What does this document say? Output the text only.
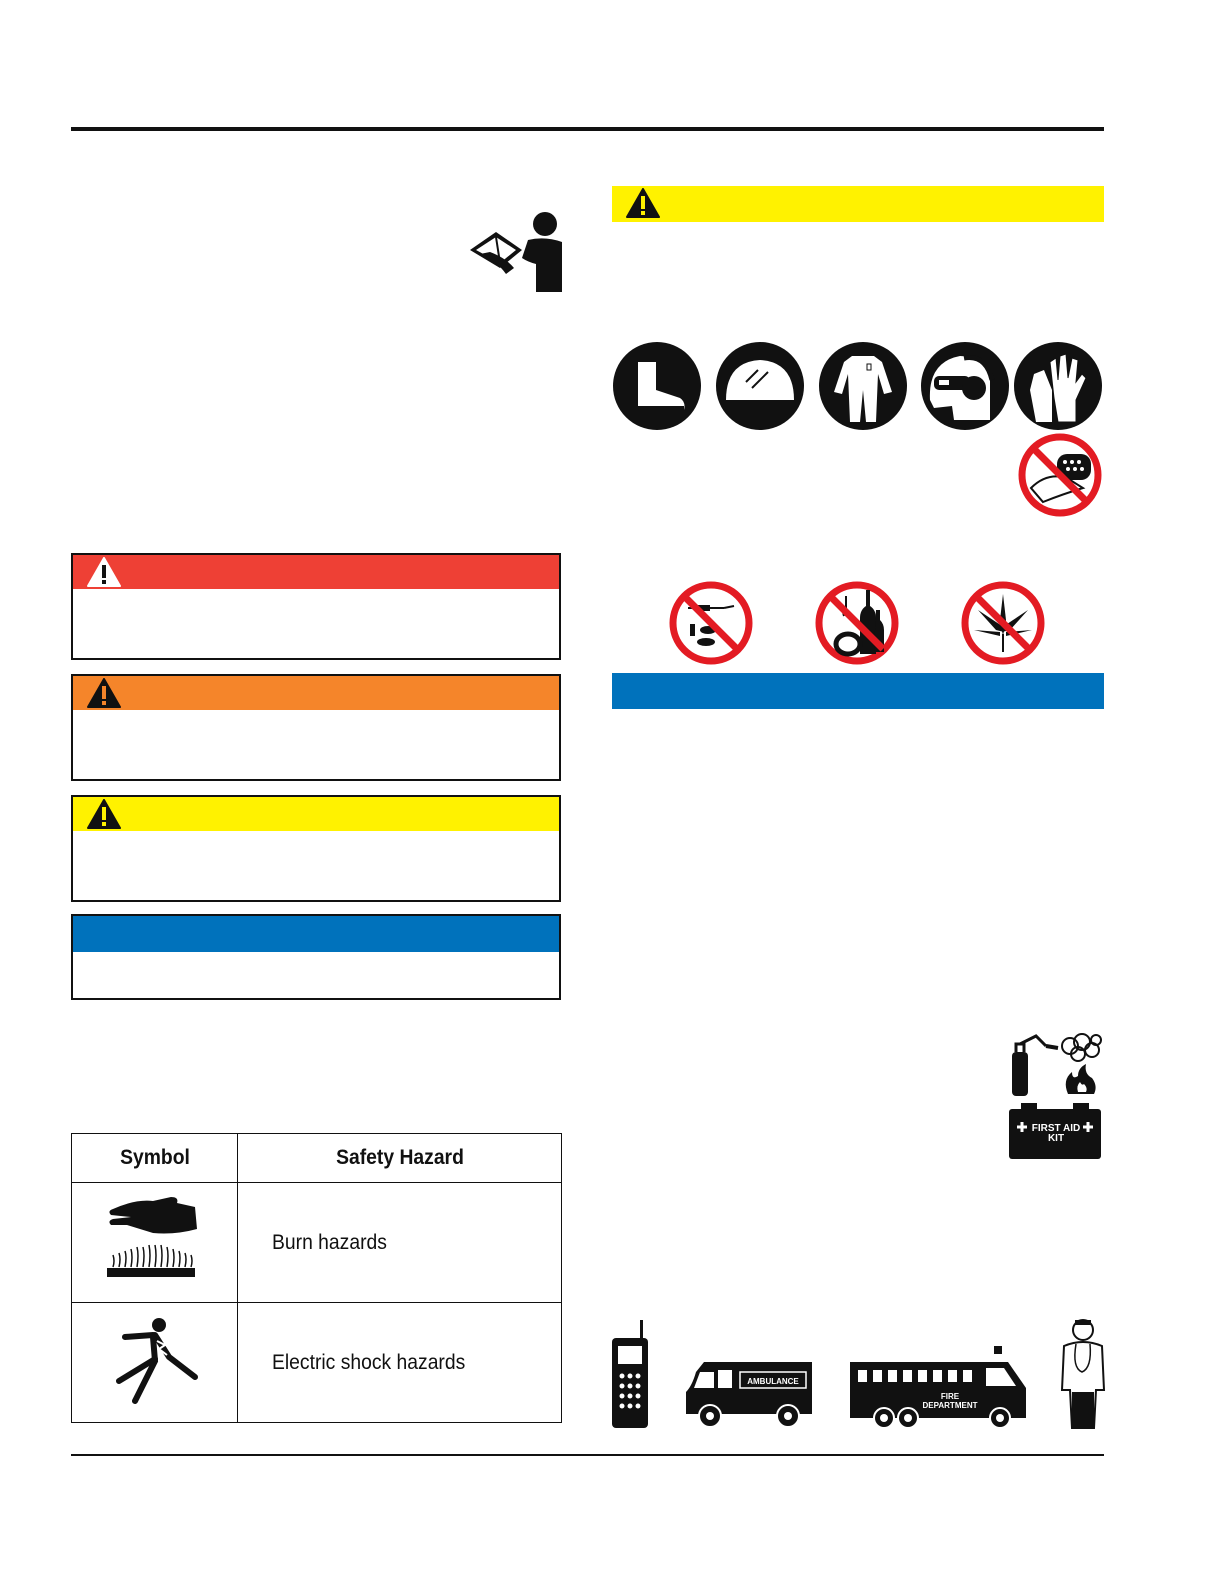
Symbol	Safety Hazard
	Burn hazards
	Electric shock hazards
FIRST AID
KIT
AMBULANCE
FIRE
DEPARTMENT
